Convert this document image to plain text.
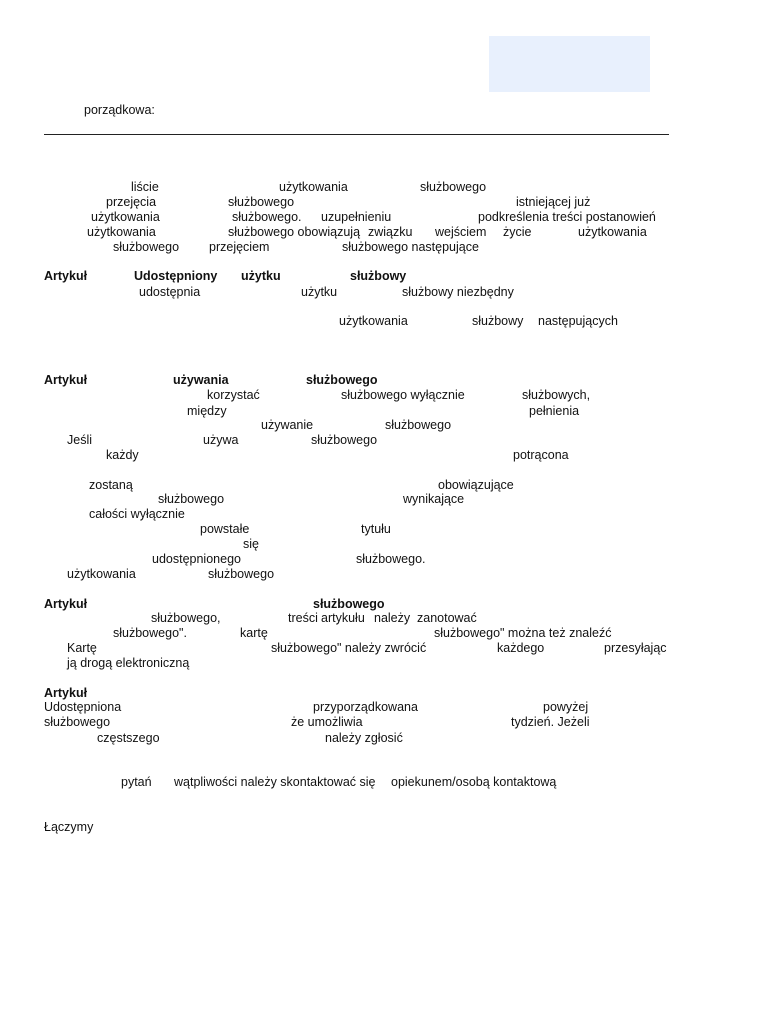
porządkowa:
liście	użytkowania	służbowego
przejęcia	służbowego	istniejącej już
użytkowania	służbowego. uzupełnieniu	podkreślenia treści postanowień
użytkowania	służbowego obowiązują związku wejściem życie	użytkowania
służbowego przejęciem	służbowego następujące
Artykuł	Udostępniony użytku	służbowy
udostępnia	użytku	służbowy niezbędny
użytkowania	służbowy następujących
Artykuł	używania	służbowego
korzystać	służbowego wyłącznie	służbowych,
między	pełnienia
używanie	służbowego
Jeśli	używa	służbowego
każdy	potrącona
zostaną	obowiązujące
służbowego	wynikające
całości wyłącznie
powstałe	tytułu
się
udostępnionego	służbowego.
użytkowania	służbowego
Artykuł	służbowego
służbowego,	treści artykułu należy zanotować
służbowego".	kartę	służbowego" można też znaleźć
Kartę	służbowego" należy zwrócić	każdego	przesyłając
ją drogą elektroniczną
Artykuł
Udostępniona	przyporządkowana	powyżej
służbowego	że umożliwia	tydzień. Jeżeli
częstszego	należy zgłosić
pytań wątpliwości należy skontaktować się opiekunem/osobą kontaktową
Łączymy
